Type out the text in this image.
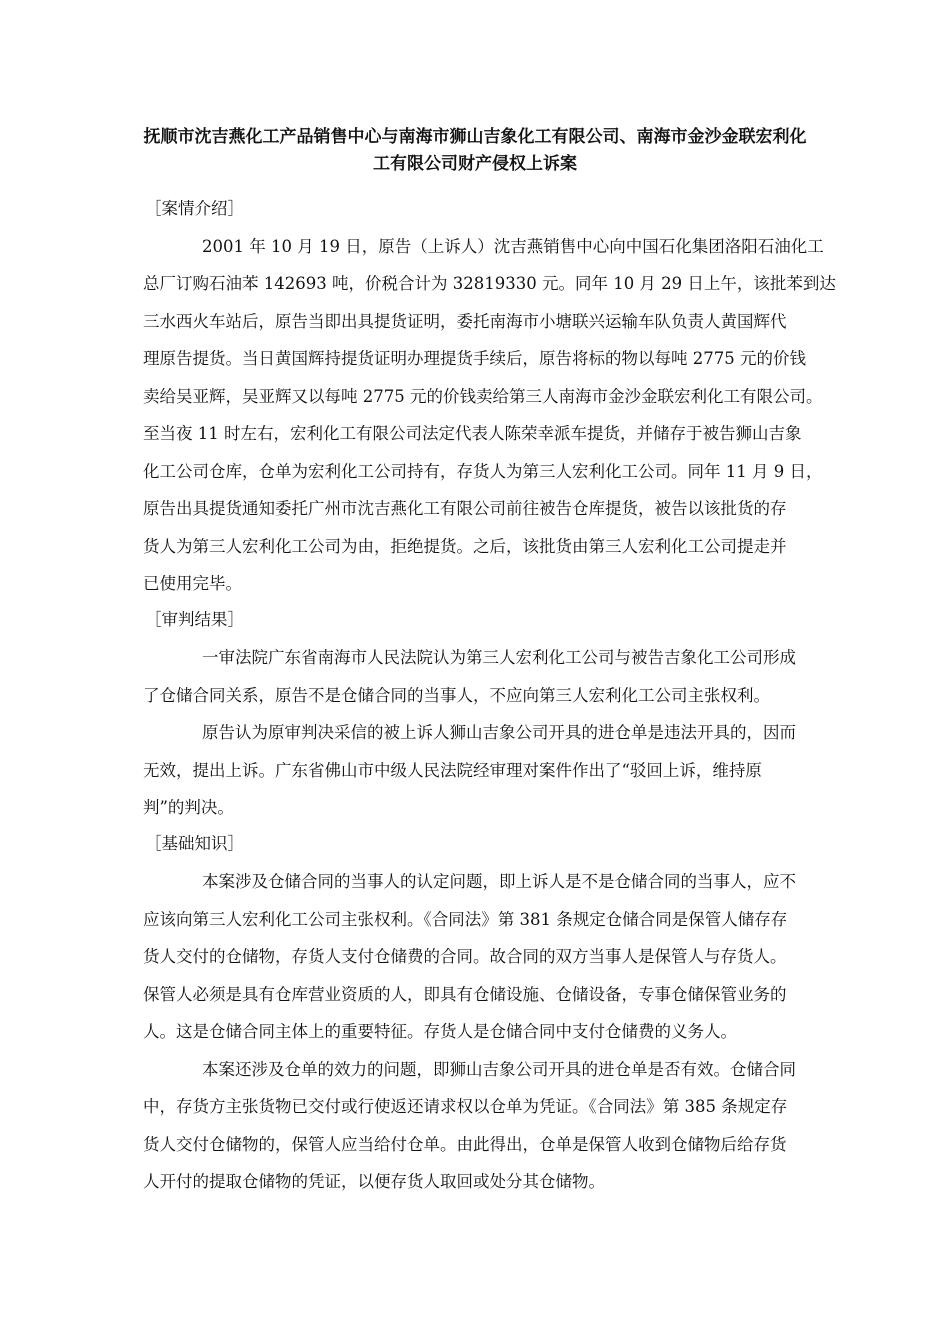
抚顺市沈吉燕化工产品销售中心与南海市狮山吉象化工有限公司、南海市金沙金联宏利化
工有限公司财产侵权上诉案
［案情介绍］
2001 年 10 月 19 日，原告（上诉人）沈吉燕销售中心向中国石化集团洛阳石油化工
总厂订购石油苯 142693 吨，价税合计为 32819330 元。同年 10 月 29 日上午，该批苯到达
三水西火车站后，原告当即出具提货证明，委托南海市小塘联兴运输车队负责人黄国辉代
理原告提货。当日黄国辉持提货证明办理提货手续后，原告将标的物以每吨 2775 元的价钱
卖给吴亚辉，吴亚辉又以每吨 2775 元的价钱卖给第三人南海市金沙金联宏利化工有限公司。
至当夜 11 时左右，宏利化工有限公司法定代表人陈荣幸派车提货，并储存于被告狮山吉象
化工公司仓库，仓单为宏利化工公司持有，存货人为第三人宏利化工公司。同年 11 月 9 日，
原告出具提货通知委托广州市沈吉燕化工有限公司前往被告仓库提货，被告以该批货的存
货人为第三人宏利化工公司为由，拒绝提货。之后，该批货由第三人宏利化工公司提走并
已使用完毕。
［审判结果］
一审法院广东省南海市人民法院认为第三人宏利化工公司与被告吉象化工公司形成
了仓储合同关系，原告不是仓储合同的当事人，不应向第三人宏利化工公司主张权利。
原告认为原审判决采信的被上诉人狮山吉象公司开具的进仓单是违法开具的，因而
无效，提出上诉。广东省佛山市中级人民法院经审理对案件作出了“驳回上诉，维持原
判”的判决。
［基础知识］
本案涉及仓储合同的当事人的认定问题，即上诉人是不是仓储合同的当事人，应不
应该向第三人宏利化工公司主张权利。《合同法》第 381 条规定仓储合同是保管人储存存
货人交付的仓储物，存货人支付仓储费的合同。故合同的双方当事人是保管人与存货人。
保管人必须是具有仓库营业资质的人，即具有仓储设施、仓储设备，专事仓储保管业务的
人。这是仓储合同主体上的重要特征。存货人是仓储合同中支付仓储费的义务人。
本案还涉及仓单的效力的问题，即狮山吉象公司开具的进仓单是否有效。仓储合同
中，存货方主张货物已交付或行使返还请求权以仓单为凭证。《合同法》第 385 条规定存
货人交付仓储物的，保管人应当给付仓单。由此得出，仓单是保管人收到仓储物后给存货
人开付的提取仓储物的凭证，以便存货人取回或处分其仓储物。
